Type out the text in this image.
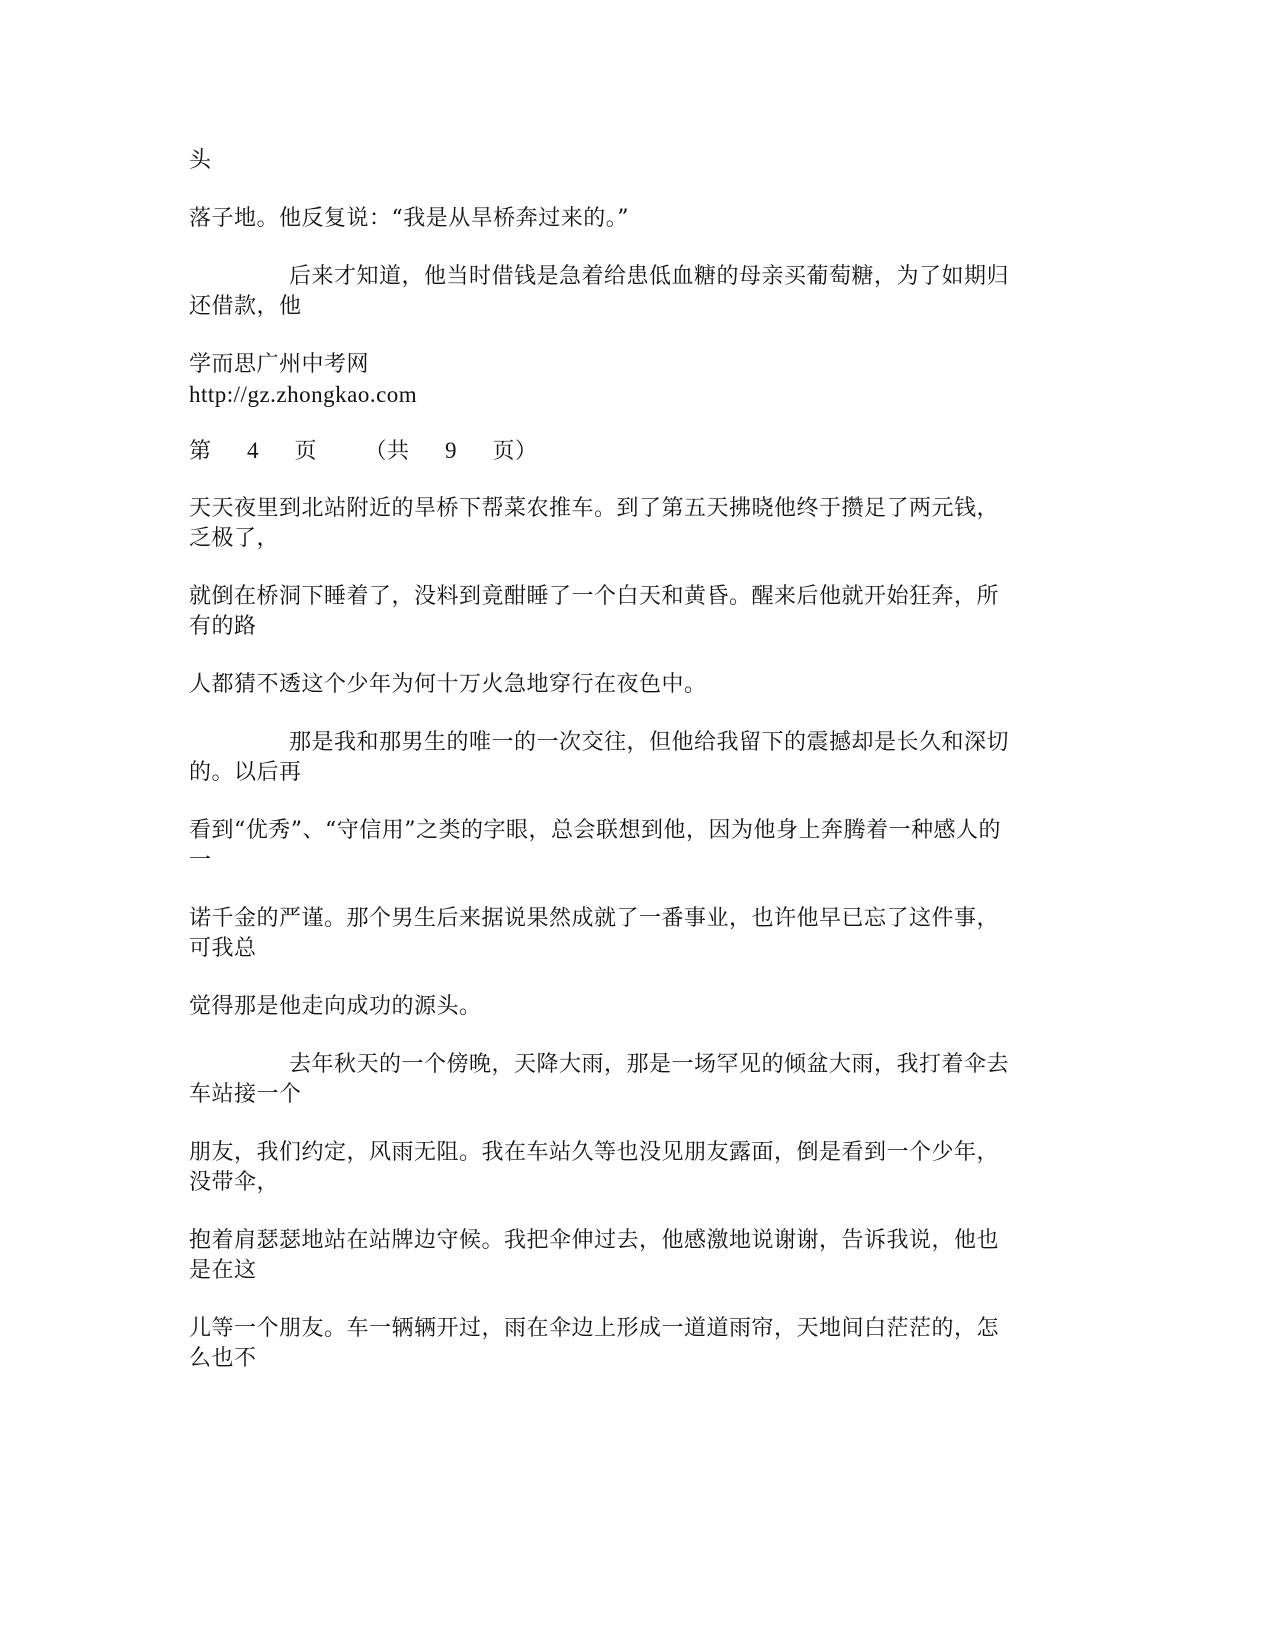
头
落子地。他反复说：“我是从旱桥奔过来的。”
后来才知道，他当时借钱是急着给患低血糖的母亲买葡萄糖，为了如期归
还借款，他
学而思广州中考网
http://gz.zhongkao.com
第 4 页 （共 9 页）
天天夜里到北站附近的旱桥下帮菜农推车。到了第五天拂晓他终于攒足了两元钱，
乏极了，
就倒在桥洞下睡着了，没料到竟酣睡了一个白天和黄昏。醒来后他就开始狂奔，所
有的路
人都猜不透这个少年为何十万火急地穿行在夜色中。
那是我和那男生的唯一的一次交往，但他给我留下的震撼却是长久和深切
的。以后再
看到“优秀”、“守信用”之类的字眼，总会联想到他，因为他身上奔腾着一种感人的
一
诺千金的严谨。那个男生后来据说果然成就了一番事业，也许他早已忘了这件事，
可我总
觉得那是他走向成功的源头。
去年秋天的一个傍晚，天降大雨，那是一场罕见的倾盆大雨，我打着伞去
车站接一个
朋友，我们约定，风雨无阻。我在车站久等也没见朋友露面，倒是看到一个少年，
没带伞，
抱着肩瑟瑟地站在站牌边守候。我把伞伸过去，他感激地说谢谢，告诉我说，他也
是在这
儿等一个朋友。车一辆辆开过，雨在伞边上形成一道道雨帘，天地间白茫茫的，怎
么也不
